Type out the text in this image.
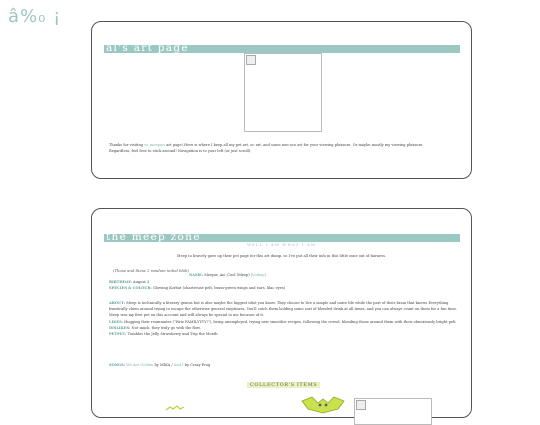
â%₀ ¡
al's art page
Thanks for visiting so_meepies art page! Here is where I keep all my pet art, oc art, and some non-oco art for your viewing pleasure. Or maybe mostly my viewing pleasure.
Regardless, feel free to stick around! Navigation is to your left (or just scroll).
the meep zone
WELL I AM WHAT I AM
Meep to bravely gave up their pet page for this art dump, so I've put all their info in this little zone out of fairness.
(Those and these 2 random initial blob)
NAME: Meepie_Aoi_Cool (Meep) [lookup]
BIRTHDAY: August 3
SPECIES & COLOUR: Glowing Korbat (chartreuse pelt, brass-green wings and ears, lilac eyes)
ABOUT: Meep is technically a literary genius but is also maybe the biggest idiot you know. They choose to live a simple and naive life while the part of their brain that knows Everything frantically claws around trying to escape the otherwise general emptiness. You'll catch them holding some sort of blended drink at all times, and you can always count on them for a fun time. Meep was my first pet on this account and will always be special to me because of it.
LIKES: Hugging their roommates ("Wriz FAMILYYYY!"), being unemployed, trying new smoothie recipes, following the crowd, blending those around them with their obnoxiously bright pelt
DISLIKES: Not much, they truly go with the flow.
PETPET: Tumbles the Jelly Strawberry and Trip the Moeth
SONGS: We Are Golden by MIKA / And I by Crazy Frog
COLLECTOR'S ITEMS
